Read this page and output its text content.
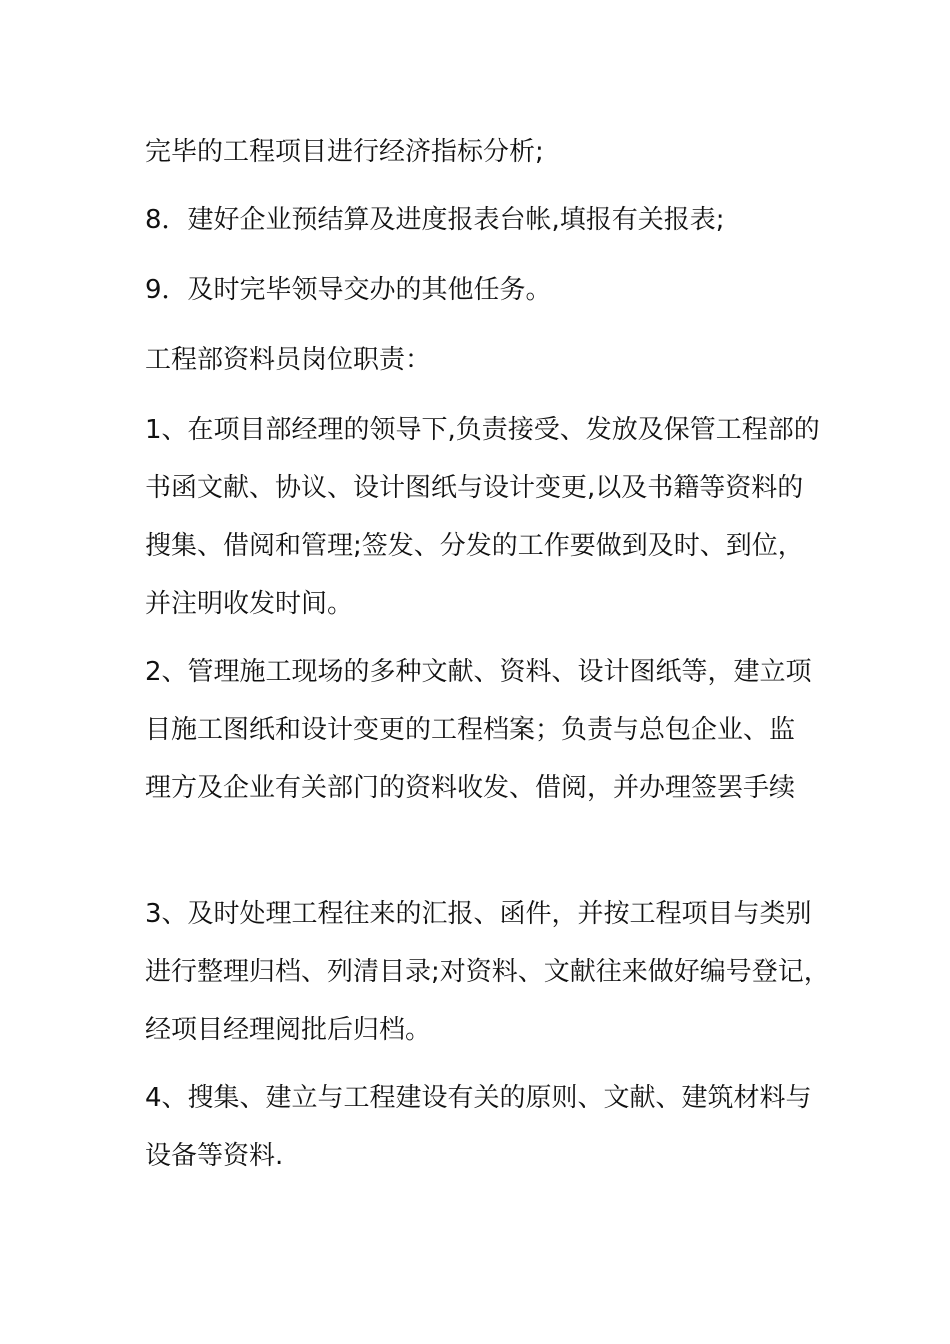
完毕的工程项目进行经济指标分析;
8．建好企业预结算及进度报表台帐,填报有关报表;
9．及时完毕领导交办的其他任务。
工程部资料员岗位职责：
1、在项目部经理的领导下,负责接受、发放及保管工程部的
书函文献、协议、设计图纸与设计变更,以及书籍等资料的
搜集、借阅和管理;签发、分发的工作要做到及时、到位，
并注明收发时间。
2、管理施工现场的多种文献、资料、设计图纸等，建立项
目施工图纸和设计变更的工程档案；负责与总包企业、监
理方及企业有关部门的资料收发、借阅，并办理签罢手续
3、及时处理工程往来的汇报、函件，并按工程项目与类别
进行整理归档、列清目录;对资料、文献往来做好编号登记，
经项目经理阅批后归档。
4、搜集、建立与工程建设有关的原则、文献、建筑材料与
设备等资料.
